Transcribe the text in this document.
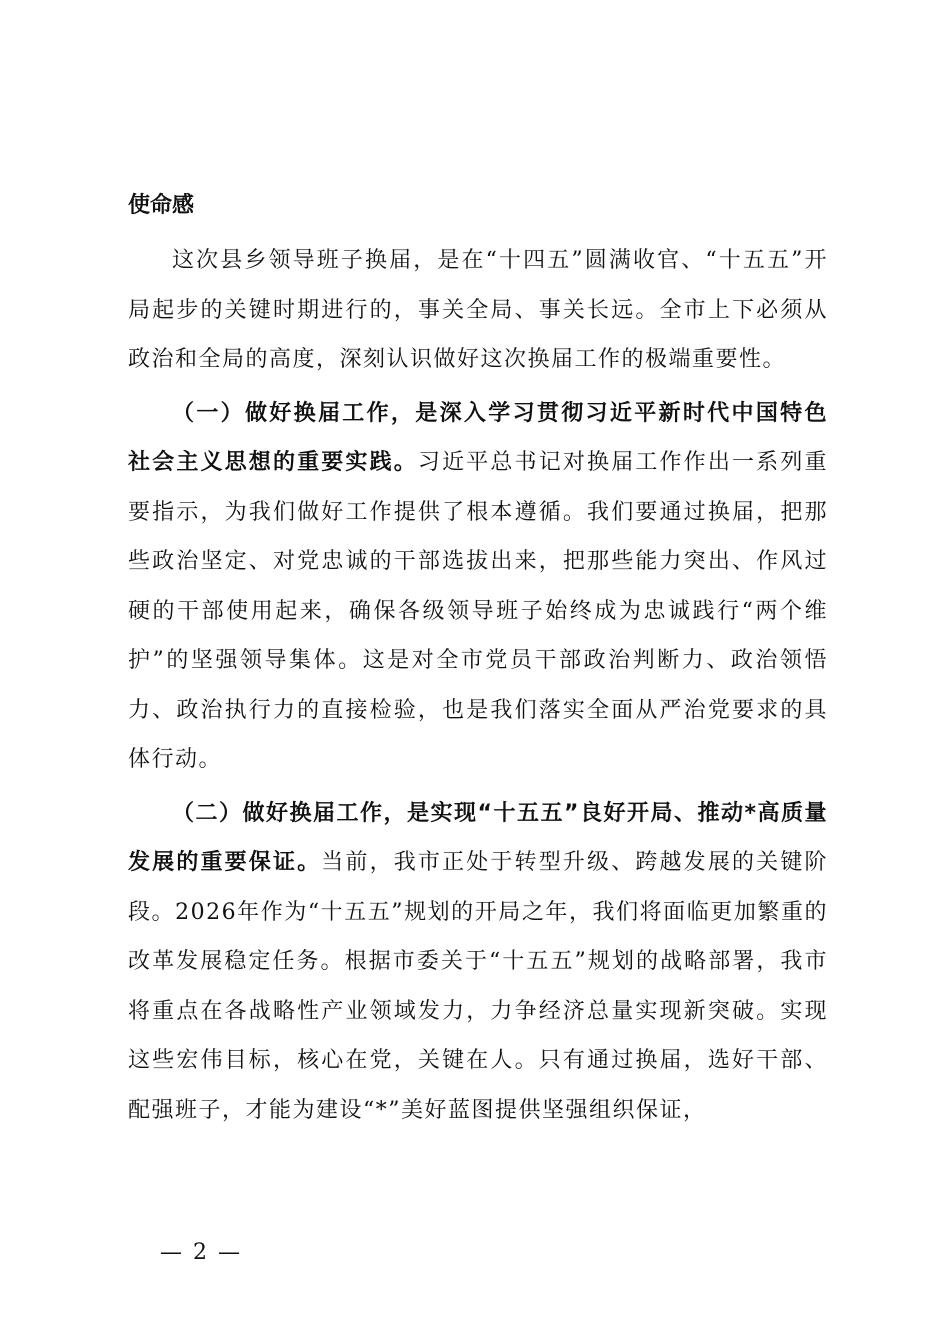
使命感

这次县乡领导班子换届，是在“十四五”圆满收官、“十五五”开局起步的关键时期进行的，事关全局、事关长远。全市上下必须从政治和全局的高度，深刻认识做好这次换届工作的极端重要性。

（一）做好换届工作，是深入学习贯彻习近平新时代中国特色社会主义思想的重要实践。习近平总书记对换届工作作出一系列重要指示，为我们做好工作提供了根本遵循。我们要通过换届，把那些政治坚定、对党忠诚的干部选拔出来，把那些能力突出、作风过硬的干部使用起来，确保各级领导班子始终成为忠诚践行“两个维护”的坚强领导集体。这是对全市党员干部政治判断力、政治领悟力、政治执行力的直接检验，也是我们落实全面从严治党要求的具体行动。

（二）做好换届工作，是实现“十五五”良好开局、推动*高质量发展的重要保证。当前，我市正处于转型升级、跨越发展的关键阶段。2026年作为“十五五”规划的开局之年，我们将面临更加繁重的改革发展稳定任务。根据市委关于“十五五”规划的战略部署，我市将重点在各战略性产业领域发力，力争经济总量实现新突破。实现这些宏伟目标，核心在党，关键在人。只有通过换届，选好干部、配强班子，才能为建设“*”美好蓝图提供坚强组织保证，

— 2 —
